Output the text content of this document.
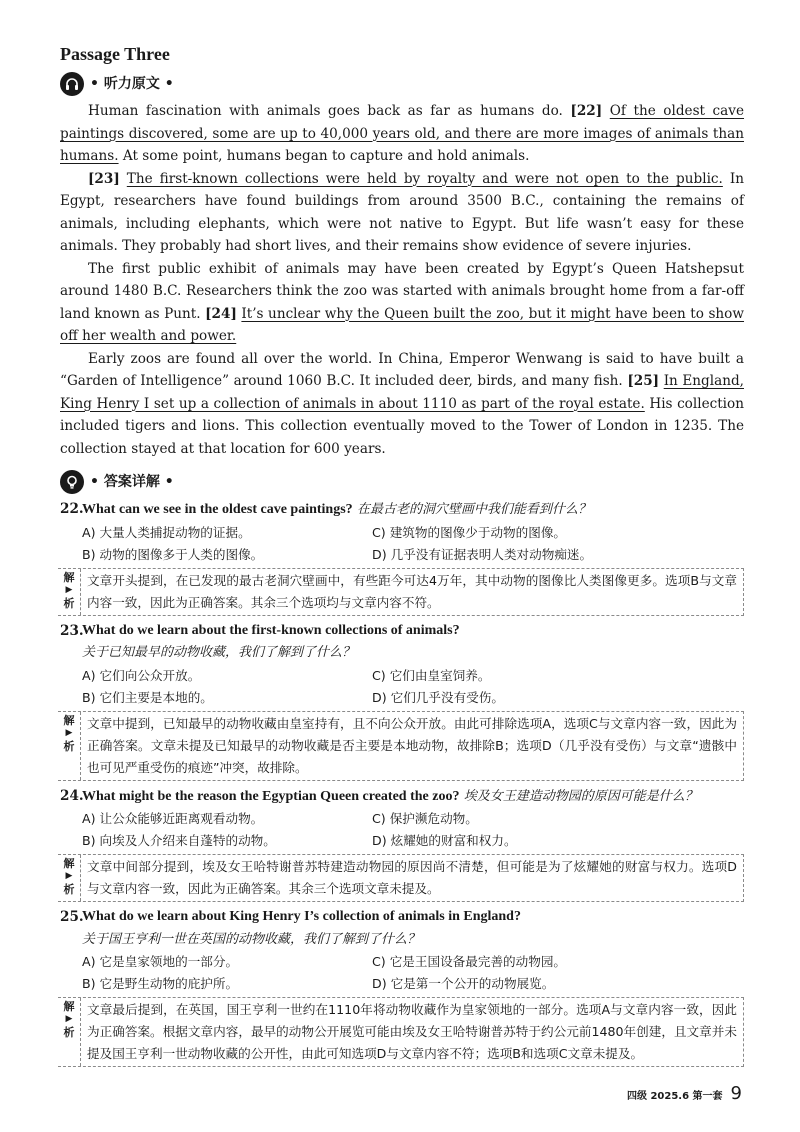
Passage Three
• 听力原文 •

Human fascination with animals goes back as far as humans do. [22] Of the oldest cave paintings discovered, some are up to 40,000 years old, and there are more images of animals than humans. At some point, humans began to capture and hold animals.

[23] The first-known collections were held by royalty and were not open to the public. In Egypt, researchers have found buildings from around 3500 B.C., containing the remains of animals, including elephants, which were not native to Egypt. But life wasn’t easy for these animals. They probably had short lives, and their remains show evidence of severe injuries.

The first public exhibit of animals may have been created by Egypt’s Queen Hatshepsut around 1480 B.C. Researchers think the zoo was started with animals brought home from a far-off land known as Punt. [24] It’s unclear why the Queen built the zoo, but it might have been to show off her wealth and power.

Early zoos are found all over the world. In China, Emperor Wenwang is said to have built a “Garden of Intelligence” around 1060 B.C. It included deer, birds, and many fish. [25] In England, King Henry I set up a collection of animals in about 1110 as part of the royal estate. His collection included tigers and lions. This collection eventually moved to the Tower of London in 1235. The collection stayed at that location for 600 years.

• 答案详解 •
22.
What can we see in the oldest cave paintings? 在最古老的洞穴壁画中我们能看到什么？
A) 大量人类捕捉动物的证据。	C) 建筑物的图像少于动物的图像。
B) 动物的图像多于人类的图像。	D) 几乎没有证据表明人类对动物痴迷。
解
▶
析
文章开头提到，在已发现的最古老洞穴壁画中，有些距今可达4万年，其中动物的图像比人类图像更多。选项B与文章内容一致，因此为正确答案。其余三个选项均与文章内容不符。
23.
What do we learn about the first-known collections of animals?
关于已知最早的动物收藏，我们了解到了什么？
A) 它们向公众开放。	C) 它们由皇室饲养。
B) 它们主要是本地的。	D) 它们几乎没有受伤。
解
▶
析
文章中提到，已知最早的动物收藏由皇室持有，且不向公众开放。由此可排除选项A，选项C与文章内容一致，因此为正确答案。文章未提及已知最早的动物收藏是否主要是本地动物，故排除B；选项D（几乎没有受伤）与文章“遗骸中也可见严重受伤的痕迹”冲突，故排除。
24.
What might be the reason the Egyptian Queen created the zoo? 埃及女王建造动物园的原因可能是什么？
A) 让公众能够近距离观看动物。	C) 保护濒危动物。
B) 向埃及人介绍来自蓬特的动物。	D) 炫耀她的财富和权力。
解
▶
析
文章中间部分提到，埃及女王哈特谢普苏特建造动物园的原因尚不清楚，但可能是为了炫耀她的财富与权力。选项D与文章内容一致，因此为正确答案。其余三个选项文章未提及。
25.
What do we learn about King Henry I’s collection of animals in England?
关于国王亨利一世在英国的动物收藏，我们了解到了什么？
A) 它是皇家领地的一部分。	C) 它是王国设备最完善的动物园。
B) 它是野生动物的庇护所。	D) 它是第一个公开的动物展览。
解
▶
析
文章最后提到，在英国，国王亨利一世约在1110年将动物收藏作为皇家领地的一部分。选项A与文章内容一致，因此为正确答案。根据文章内容，最早的动物公开展览可能由埃及女王哈特谢普苏特于约公元前1480年创建，且文章并未提及国王亨利一世动物收藏的公开性，由此可知选项D与文章内容不符；选项B和选项C文章未提及。
四级 2025.6 第一套 9
